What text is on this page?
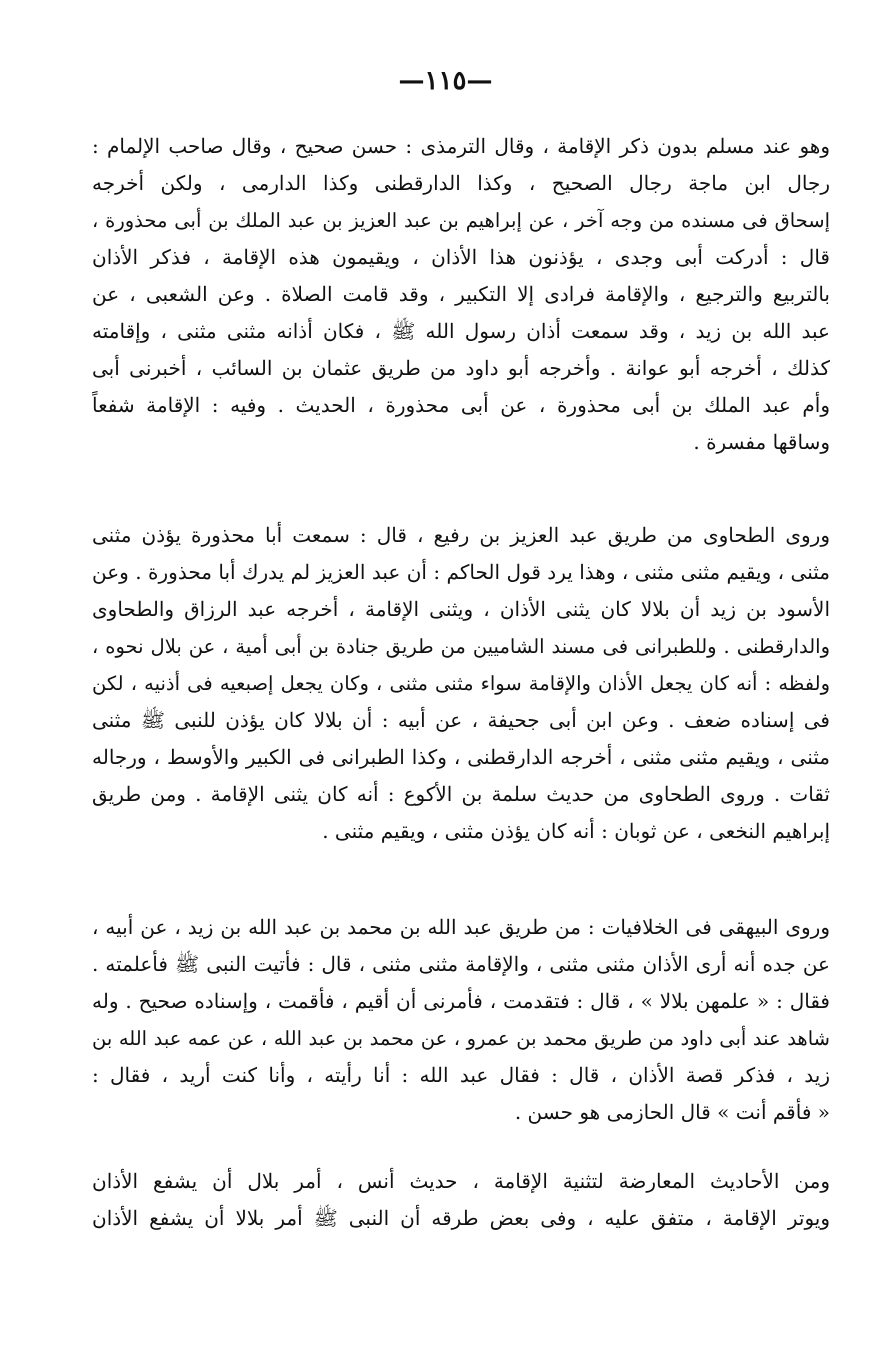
—١١٥—
وهو عند مسلم بدون ذكر الإقامة ، وقال الترمذى : حسن صحيح ، وقال صاحب الإلمام :
رجال ابن ماجة رجال الصحيح ، وكذا الدارقطنى وكذا الدارمى ، ولكن أخرجه
إسحاق فى مسنده من وجه آخر ، عن إبراهيم بن عبد العزيز بن عبد الملك بن أبى محذورة ،
قال : أدركت أبى وجدى ، يؤذنون هذا الأذان ، ويقيمون هذه الإقامة ، فذكر الأذان
بالتربيع والترجيع ، والإقامة فرادى إلا التكبير ، وقد قامت الصلاة . وعن الشعبى ، عن
عبد الله بن زيد ، وقد سمعت أذان رسول الله ﷺ ، فكان أذانه مثنى مثنى ، وإقامته
كذلك ، أخرجه أبو عوانة . وأخرجه أبو داود من طريق عثمان بن السائب ، أخبرنى أبى
وأم عبد الملك بن أبى محذورة ، عن أبى محذورة ، الحديث . وفيه : الإقامة شفعاً
وساقها مفسرة .
وروى الطحاوى من طريق عبد العزيز بن رفيع ، قال : سمعت أبا محذورة يؤذن مثنى
مثنى ، ويقيم مثنى مثنى ، وهذا يرد قول الحاكم : أن عبد العزيز لم يدرك أبا محذورة . وعن
الأسود بن زيد أن بلالا كان يثنى الأذان ، ويثنى الإقامة ، أخرجه عبد الرزاق والطحاوى
والدارقطنى . وللطبرانى فى مسند الشاميين من طريق جنادة بن أبى أمية ، عن بلال نحوه ،
ولفظه : أنه كان يجعل الأذان والإقامة سواء مثنى مثنى ، وكان يجعل إصبعيه فى أذنيه ، لكن
فى إسناده ضعف . وعن ابن أبى جحيفة ، عن أبيه : أن بلالا كان يؤذن للنبى ﷺ مثنى
مثنى ، ويقيم مثنى مثنى ، أخرجه الدارقطنى ، وكذا الطبرانى فى الكبير والأوسط ، ورجاله
ثقات . وروى الطحاوى من حديث سلمة بن الأكوع : أنه كان يثنى الإقامة . ومن طريق
إبراهيم النخعى ، عن ثوبان : أنه كان يؤذن مثنى ، ويقيم مثنى .
وروى البيهقى فى الخلافيات : من طريق عبد الله بن محمد بن عبد الله بن زيد ، عن أبيه ،
عن جده أنه أرى الأذان مثنى مثنى ، والإقامة مثنى مثنى ، قال : فأتيت النبى ﷺ فأعلمته .
فقال : « علمهن بلالا » ، قال : فتقدمت ، فأمرنى أن أقيم ، فأقمت ، وإسناده صحيح . وله
شاهد عند أبى داود من طريق محمد بن عمرو ، عن محمد بن عبد الله ، عن عمه عبد الله بن
زيد ، فذكر قصة الأذان ، قال : فقال عبد الله : أنا رأيته ، وأنا كنت أريد ، فقال :
« فأقم أنت » قال الحازمى هو حسن .
ومن الأحاديث المعارضة لتثنية الإقامة ، حديث أنس ، أمر بلال أن يشفع الأذان
ويوتر الإقامة ، متفق عليه ، وفى بعض طرقه أن النبى ﷺ أمر بلالا أن يشفع الأذان
